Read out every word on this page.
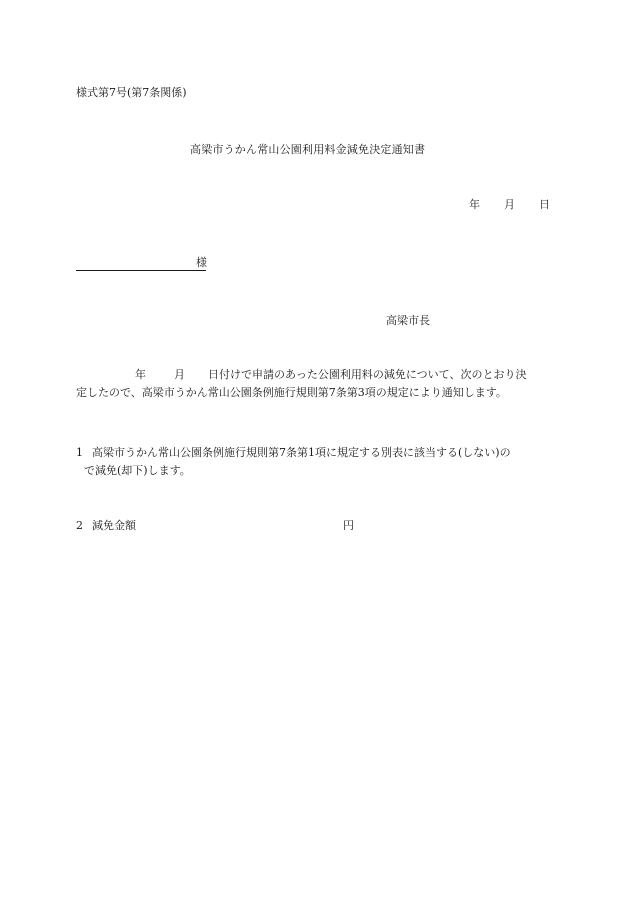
様式第7号(第7条関係)
高梁市うかん常山公園利用料金減免決定通知書
年 月 日
様
高梁市長
年	月 日付けで申請のあった公園利用料の減免について、次のとおり決
定したので、高梁市うかん常山公園条例施行規則第7条第3項の規定により通知します。
1 高梁市うかん常山公園条例施行規則第7条第1項に規定する別表に該当する(しない)の
で減免(却下)します。
2 減免金額	円
